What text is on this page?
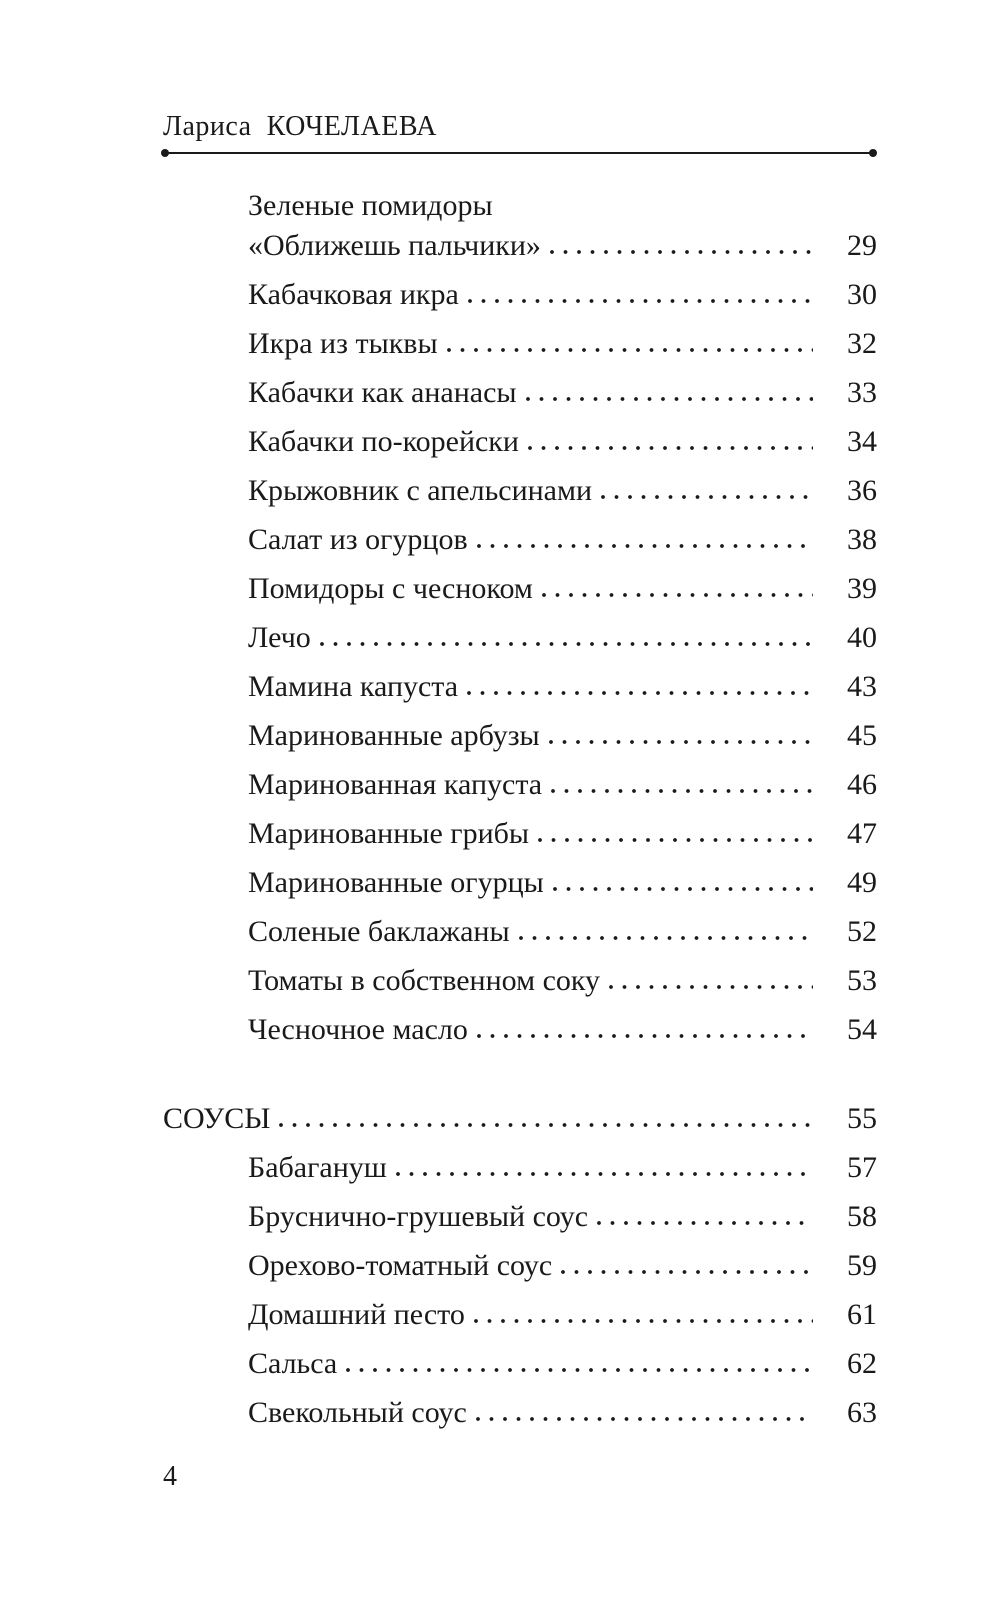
Лариса  КОЧЕЛАЕВА
Зеленые помидоры
«Оближешь пальчики»	29
Кабачковая икра	30
Икра из тыквы	32
Кабачки как ананасы	33
Кабачки по-корейски	34
Крыжовник с апельсинами	36
Салат из огурцов	38
Помидоры с чесноком	39
Лечо	40
Мамина капуста	43
Маринованные арбузы	45
Маринованная капуста	46
Маринованные грибы	47
Маринованные огурцы	49
Соленые баклажаны	52
Томаты в собственном соку	53
Чесночное масло	54
СОУСЫ	55
Бабагануш	57
Бруснично-грушевый соус	58
Орехово-томатный соус	59
Домашний песто	61
Сальса	62
Свекольный соус	63
4
